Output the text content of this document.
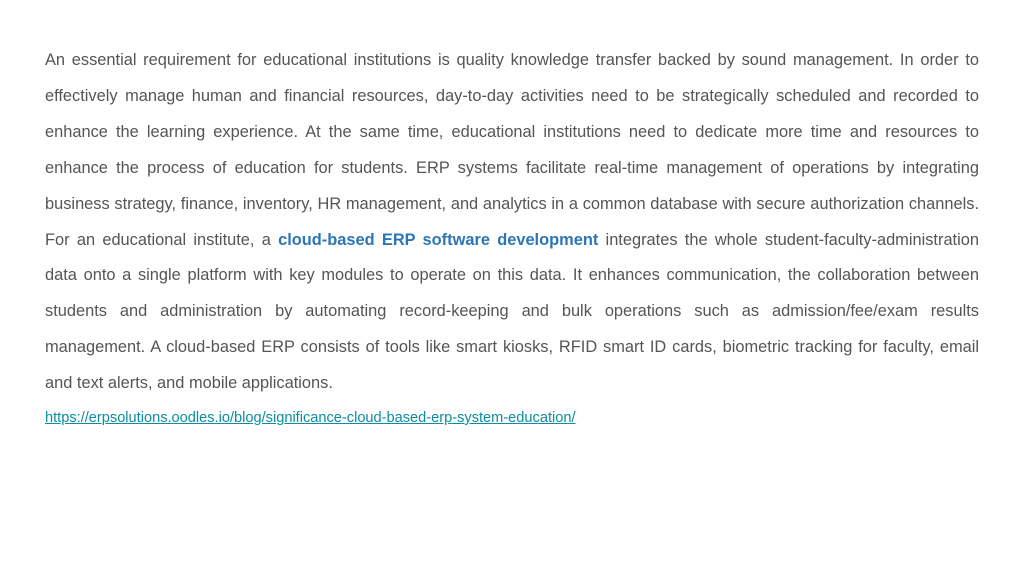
An essential requirement for educational institutions is quality knowledge transfer backed by sound management. In order to effectively manage human and financial resources, day-to-day activities need to be strategically scheduled and recorded to enhance the learning experience. At the same time, educational institutions need to dedicate more time and resources to enhance the process of education for students. ERP systems facilitate real-time management of operations by integrating business strategy, finance, inventory, HR management, and analytics in a common database with secure authorization channels. For an educational institute, a cloud-based ERP software development integrates the whole student-faculty-administration data onto a single platform with key modules to operate on this data. It enhances communication, the collaboration between students and administration by automating record-keeping and bulk operations such as admission/fee/exam results management. A cloud-based ERP consists of tools like smart kiosks, RFID smart ID cards, biometric tracking for faculty, email and text alerts, and mobile applications.

https://erpsolutions.oodles.io/blog/significance-cloud-based-erp-system-education/
